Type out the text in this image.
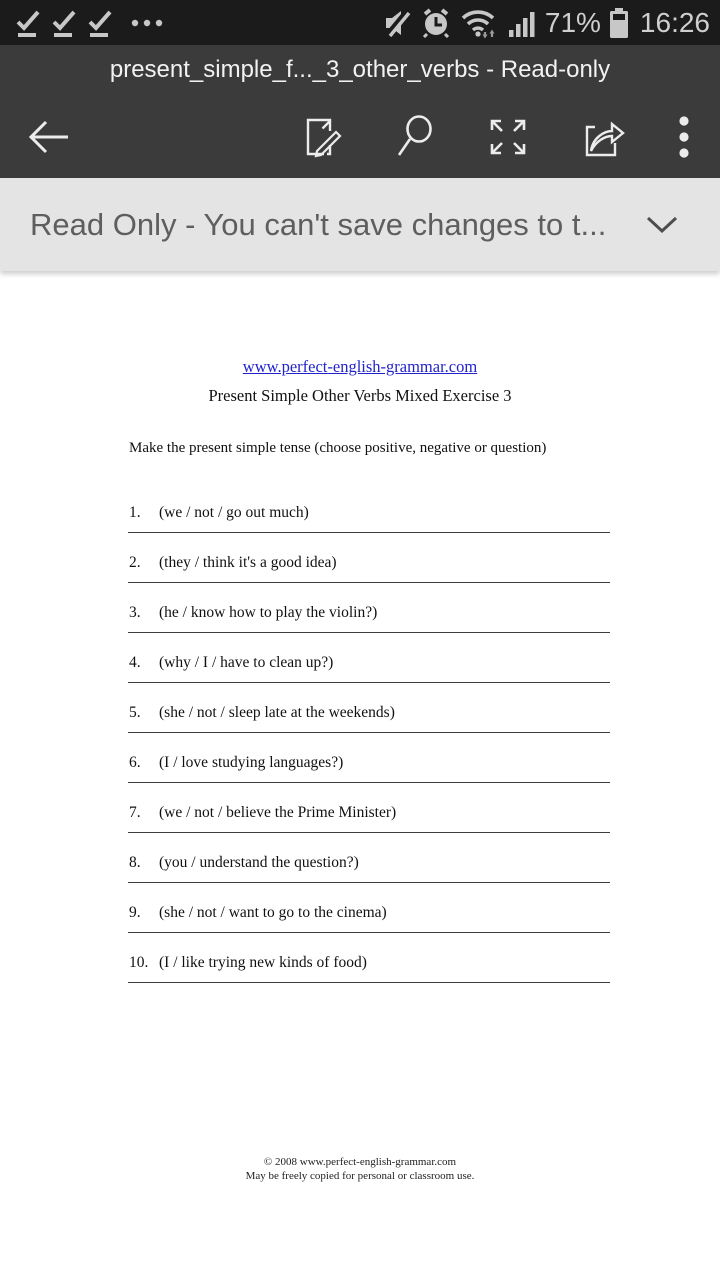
71% 16:26
present_simple_f..._3_other_verbs - Read-only
Read Only - You can't save changes to t...
www.perfect-english-grammar.com
Present Simple Other Verbs Mixed Exercise 3
Make the present simple tense (choose positive, negative or question)
1. (we / not / go out much)
2. (they / think it's a good idea)
3. (he / know how to play the violin?)
4. (why / I / have to clean up?)
5. (she / not / sleep late at the weekends)
6. (I / love studying languages?)
7. (we / not / believe the Prime Minister)
8. (you / understand the question?)
9. (she / not / want to go to the cinema)
10. (I / like trying new kinds of food)
© 2008 www.perfect-english-grammar.com
May be freely copied for personal or classroom use.
